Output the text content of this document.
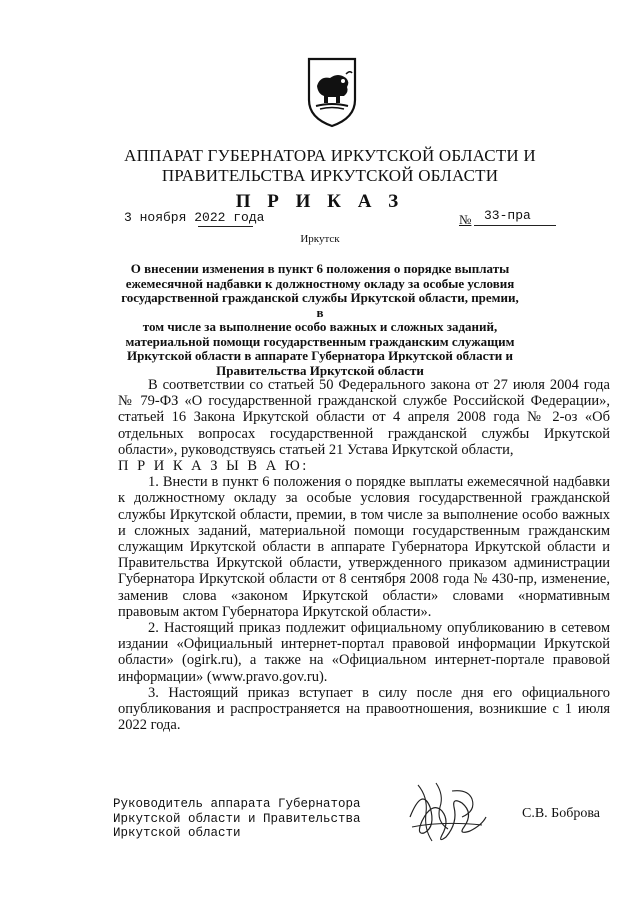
АППАРАТ ГУБЕРНАТОРА ИРКУТСКОЙ ОБЛАСТИ И
ПРАВИТЕЛЬСТВА ИРКУТСКОЙ ОБЛАСТИ
П Р И К А З
3 ноября 2022 года	№ 33-пра
Иркутск
О внесении изменения в пункт 6 положения о порядке выплаты
ежемесячной надбавки к должностному окладу за особые условия
государственной гражданской службы Иркутской области, премии, в
том числе за выполнение особо важных и сложных заданий,
материальной помощи государственным гражданским служащим
Иркутской области в аппарате Губернатора Иркутской области и
Правительства Иркутской области

В соответствии со статьей 50 Федерального закона от 27 июля 2004 года № 79-ФЗ «О государственной гражданской службе Российской Федерации», статьей 16 Закона Иркутской области от 4 апреля 2008 года № 2-оз «Об отдельных вопросах государственной гражданской службы Иркутской области», руководствуясь статьей 21 Устава Иркутской области,

П Р И К А З Ы В А Ю:

1. Внести в пункт 6 положения о порядке выплаты ежемесячной надбавки к должностному окладу за особые условия государственной гражданской службы Иркутской области, премии, в том числе за выполнение особо важных и сложных заданий, материальной помощи государственным гражданским служащим Иркутской области в аппарате Губернатора Иркутской области и Правительства Иркутской области, утвержденного приказом администрации Губернатора Иркутской области от 8 сентября 2008 года № 430-пр, изменение, заменив слова «законом Иркутской области» словами «нормативным правовым актом Губернатора Иркутской области».

2. Настоящий приказ подлежит официальному опубликованию в сетевом издании «Официальный интернет-портал правовой информации Иркутской области» (ogirk.ru), а также на «Официальном интернет-портале правовой информации» (www.pravo.gov.ru).

3. Настоящий приказ вступает в силу после дня его официального опубликования и распространяется на правоотношения, возникшие с 1 июля 2022 года.

Руководитель аппарата Губернатора
Иркутской области и Правительства
Иркутской области
С.В. Боброва
